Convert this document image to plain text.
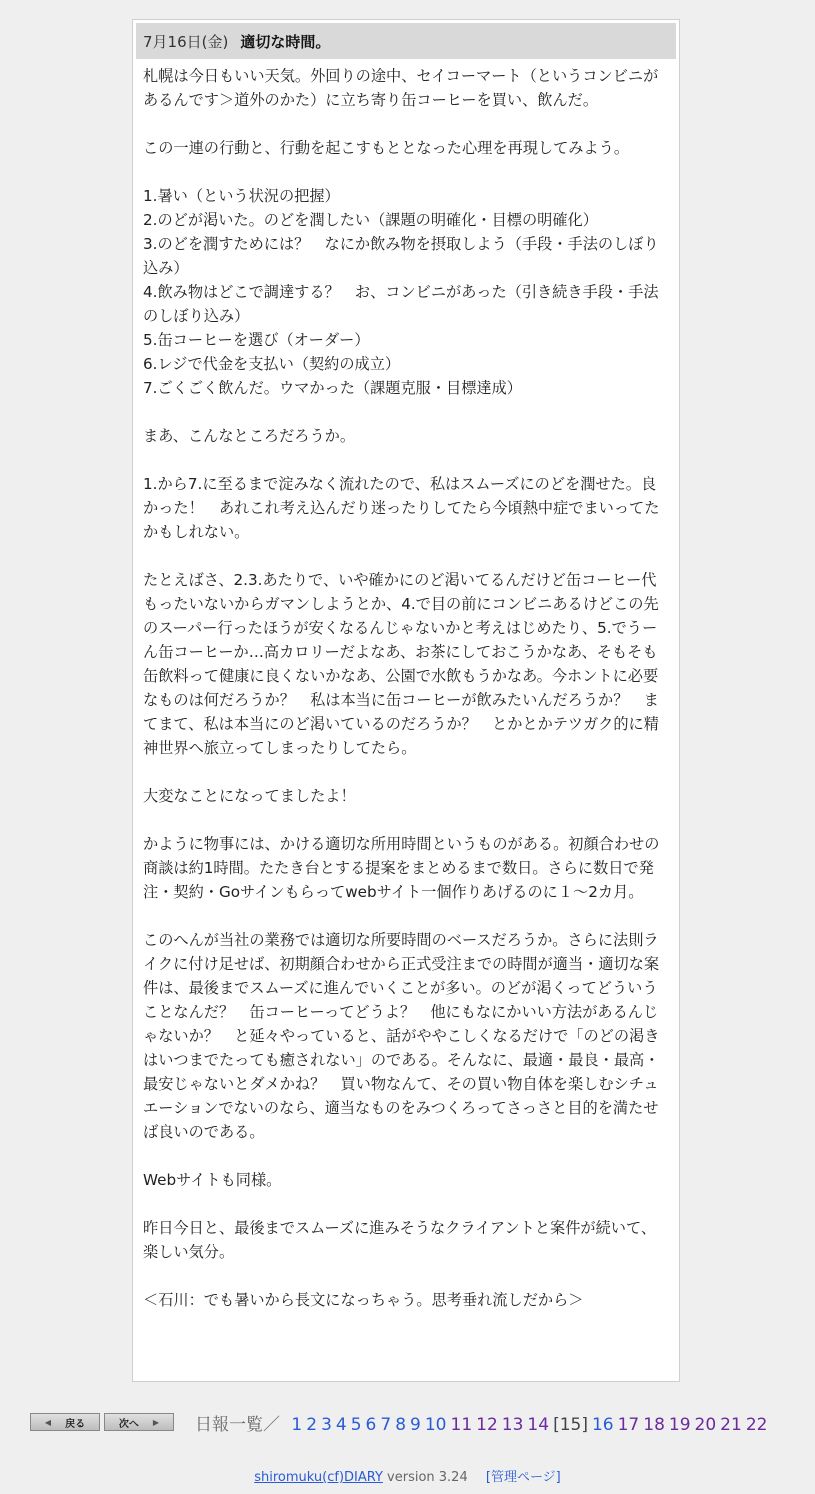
7月16日(金) 適切な時間。

札幌は今日もいい天気。外回りの途中、セイコーマート（というコンビニがあるんです＞道外のかた）に立ち寄り缶コーヒーを買い、飲んだ。

この一連の行動と、行動を起こすもととなった心理を再現してみよう。

1.暑い（という状況の把握）
2.のどが渇いた。のどを潤したい（課題の明確化・目標の明確化）
3.のどを潤すためには？　なにか飲み物を摂取しよう（手段・手法のしぼり込み）
4.飲み物はどこで調達する？　お、コンビニがあった（引き続き手段・手法のしぼり込み）
5.缶コーヒーを選び（オーダー）
6.レジで代金を支払い（契約の成立）
7.ごくごく飲んだ。ウマかった（課題克服・目標達成）

まあ、こんなところだろうか。

1.から7.に至るまで淀みなく流れたので、私はスムーズにのどを潤せた。良かった！　あれこれ考え込んだり迷ったりしてたら今頃熱中症でまいってたかもしれない。

たとえばさ、2.3.あたりで、いや確かにのど渇いてるんだけど缶コーヒー代もったいないからガマンしようとか、4.で目の前にコンビニあるけどこの先のスーパー行ったほうが安くなるんじゃないかと考えはじめたり、5.でうーん缶コーヒーか…高カロリーだよなあ、お茶にしておこうかなあ、そもそも缶飲料って健康に良くないかなあ、公園で水飲もうかなあ。今ホントに必要なものは何だろうか？　私は本当に缶コーヒーが飲みたいんだろうか？　まてまて、私は本当にのど渇いているのだろうか？　とかとかテツガク的に精神世界へ旅立ってしまったりしてたら。

大変なことになってましたよ！

かように物事には、かける適切な所用時間というものがある。初顔合わせの商談は約1時間。たたき台とする提案をまとめるまで数日。さらに数日で発注・契約・Goサインもらってwebサイト一個作りあげるのに１〜2カ月。

このへんが当社の業務では適切な所要時間のベースだろうか。さらに法則ライクに付け足せば、初期顔合わせから正式受注までの時間が適当・適切な案件は、最後までスムーズに進んでいくことが多い。のどが渇くってどういうことなんだ？　缶コーヒーってどうよ？　他にもなにかいい方法があるんじゃないか？　と延々やっていると、話がややこしくなるだけで「のどの渇きはいつまでたっても癒されない」のである。そんなに、最適・最良・最高・最安じゃないとダメかね？　買い物なんて、その買い物自体を楽しむシチュエーションでないのなら、適当なものをみつくろってさっさと目的を満たせば良いのである。

Webサイトも同様。

昨日今日と、最後までスムーズに進みそうなクライアントと案件が続いて、楽しい気分。

＜石川：でも暑いから長文になっちゃう。思考垂れ流しだから＞

◀ 戻る	次へ ▶ 日報一覧／ 1 2 3 4 5 6 7 8 9 10 11 12 13 14 [15] 16 17 18 19 20 21 22
shiromuku(cf)DIARY version 3.24 [管理ページ]
